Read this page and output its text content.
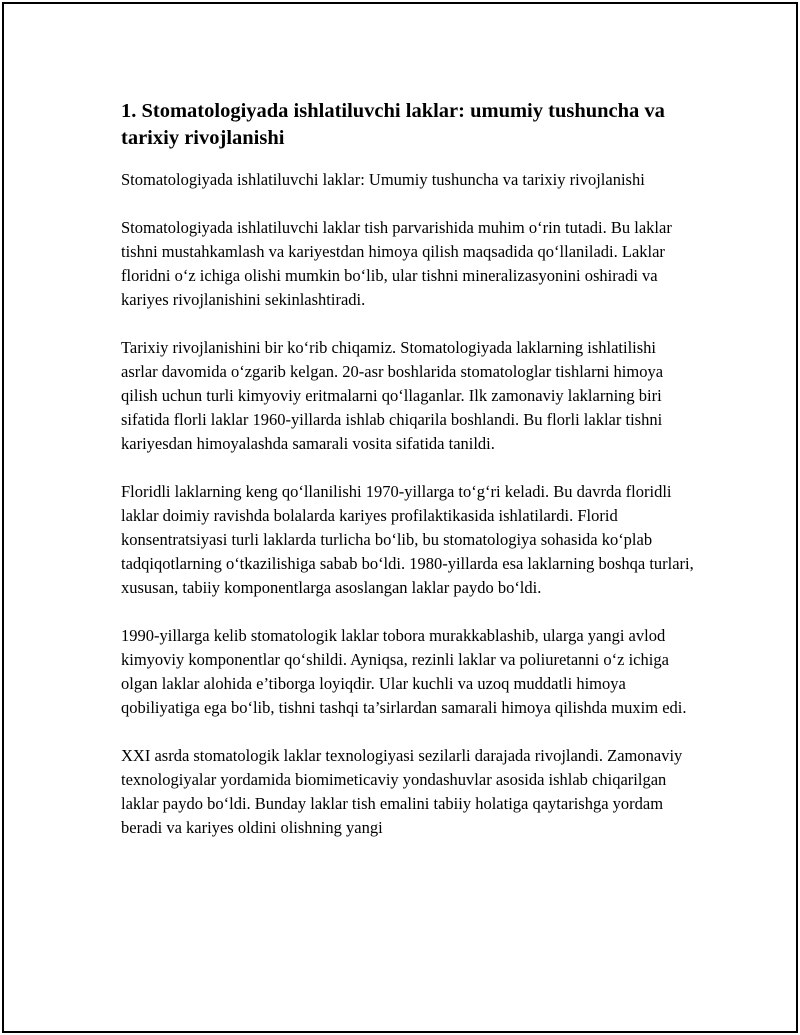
1. Stomatologiyada ishlatiluvchi laklar: umumiy tushuncha va tarixiy rivojlanishi

Stomatologiyada ishlatiluvchi laklar: Umumiy tushuncha va tarixiy rivojlanishi

Stomatologiyada ishlatiluvchi laklar tish parvarishida muhim o‘rin tutadi. Bu laklar tishni mustahkamlash va kariyestdan himoya qilish maqsadida qo‘llaniladi. Laklar floridni o‘z ichiga olishi mumkin bo‘lib, ular tishni mineralizasyonini oshiradi va kariyes rivojlanishini sekinlashtiradi.

Tarixiy rivojlanishini bir ko‘rib chiqamiz. Stomatologiyada laklarning ishlatilishi asrlar davomida o‘zgarib kelgan. 20-asr boshlarida stomatologlar tishlarni himoya qilish uchun turli kimyoviy eritmalarni qo‘llaganlar. Ilk zamonaviy laklarning biri sifatida florli laklar 1960-yillarda ishlab chiqarila boshlandi. Bu florli laklar tishni kariyesdan himoyalashda samarali vosita sifatida tanildi.

Floridli laklarning keng qo‘llanilishi 1970-yillarga to‘g‘ri keladi. Bu davrda floridli laklar doimiy ravishda bolalarda kariyes profilaktikasida ishlatilardi. Florid konsentratsiyasi turli laklarda turlicha bo‘lib, bu stomatologiya sohasida ko‘plab tadqiqotlarning o‘tkazilishiga sabab bo‘ldi. 1980-yillarda esa laklarning boshqa turlari, xususan, tabiiy komponentlarga asoslangan laklar paydo bo‘ldi.

1990-yillarga kelib stomatologik laklar tobora murakkablashib, ularga yangi avlod kimyoviy komponentlar qo‘shildi. Ayniqsa, rezinli laklar va poliuretanni o‘z ichiga olgan laklar alohida e’tiborga loyiqdir. Ular kuchli va uzoq muddatli himoya qobiliyatiga ega bo‘lib, tishni tashqi ta’sirlardan samarali himoya qilishda muxim edi.

XXI asrda stomatologik laklar texnologiyasi sezilarli darajada rivojlandi. Zamonaviy texnologiyalar yordamida biomimeticaviy yondashuvlar asosida ishlab chiqarilgan laklar paydo bo‘ldi. Bunday laklar tish emalini tabiiy holatiga qaytarishga yordam beradi va kariyes oldini olishning yangi
